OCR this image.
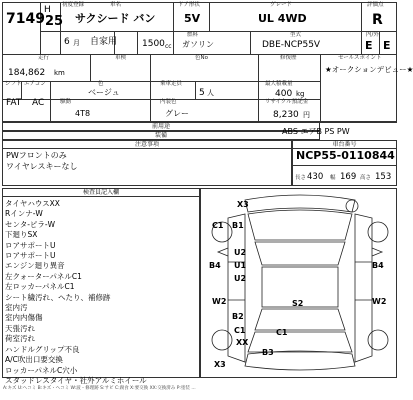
7149
初度登録
H
25
6 月
車名
サクシード バン
自家用
ドア形状
5V
グレード
UL 4WD
評価点
R
1500 cc
燃料
ガソリン
型式
DBE-NCP55V
内/外
E E
走行
184,862 km
車検	色No	修復歴	セールスポイント
★オークションデビュー★
シフト エアコン
FAT AC
色
ベージュ
乗車定員
5 人
最大積載量
400 kg
駆動
4T8
内装色
グレー
リサイクル預託金
8,230 円
前用途
装備	ABS エアB PS PW
注意事項
PWフロントのみ
ワイヤレスキーなし
車台番号
NCP55-0110844
長さ 430 幅 169 高さ 153
検査員記入欄
タイヤハウスXX
Rインナ-W
センタ-ピラ-W
下廻りSX
ロアサポートU
ロアサポートU
エンジン廻り異音
左クォーターパネルC1
左ロッカーパネルC1
シート穢汚れ、へたり、補修跡
室内汚
室内内傷傷
天張汚れ
荷室汚れ
ハンドルグリップ不良
A/C吹出口要交換
ロッカーパネルC穴小
スタッドレスタイヤ・社外アルミホイール
X3
B1
C1
U2
U1
B4
U2
B4
W2	W2
S2
B2
C1	C1
XX
B3
X3
A:キズ U:ヘコミ B:キズ・ヘコミ W:波・修理跡 S:サビ C:腐食 X:要交換 XX:交換済み P:塗装 ...
